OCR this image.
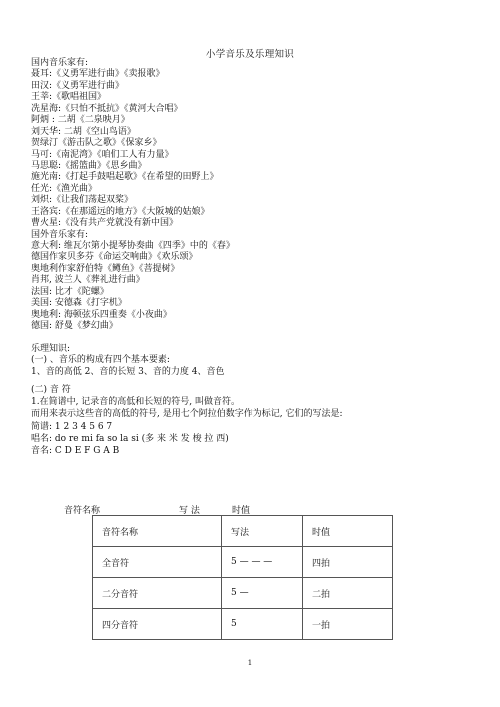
小学音乐及乐理知识
国内音乐家有:
聂耳:《义勇军进行曲》《卖报歌》
田汉:《义勇军进行曲》
王莘:《歌唱祖国》
冼星海:《只怕不抵抗》《黄河大合唱》
阿炳 : 二胡《二泉映月》
刘天华: 二胡《空山鸟语》
贺绿汀《游击队之歌》《保家乡》
马可:《南泥湾》《咱们工人有力量》
马思聪:《摇篮曲》《思乡曲》
施光南:《打起手鼓唱起歌》《在希望的田野上》
任光:《渔光曲》
刘炽:《让我们荡起双桨》
王洛宾:《在那遥远的地方》《大阪城的姑娘》
曹火星:《没有共产党就没有新中国》
国外音乐家有:
意大利: 维瓦尔第小提琴协奏曲《四季》中的《春》
德国作家贝多芬《命运交响曲》《欢乐颂》
奥地利作家舒伯特《鳟鱼》《菩提树》
肖邦, 波兰人《葬礼进行曲》
法国: 比才《陀螺》
美国: 安德森《打字机》
奥地利: 海顿弦乐四重奏《小夜曲》
德国: 舒曼《梦幻曲》
乐理知识:
(一) 、音乐的构成有四个基本要素:
1、音的高低 2、音的长短 3、音的力度 4、音色
(二) 音 符
1.在简谱中, 记录音的高低和长短的符号, 叫做音符。
而用来表示这些音的高低的符号, 是用七个阿拉伯数字作为标记, 它们的写法是:
简谱: 1 2 3 4 5 6 7
唱名: do re mi fa so la si (多 来 米 发 梭 拉 西)
音名: C D E F G A B
音符名称	写 法	时值
音符名称	写法	时值
全音符	5 — — —	四拍
二分音符	5 —	二拍
四分音符	5	一拍
1
